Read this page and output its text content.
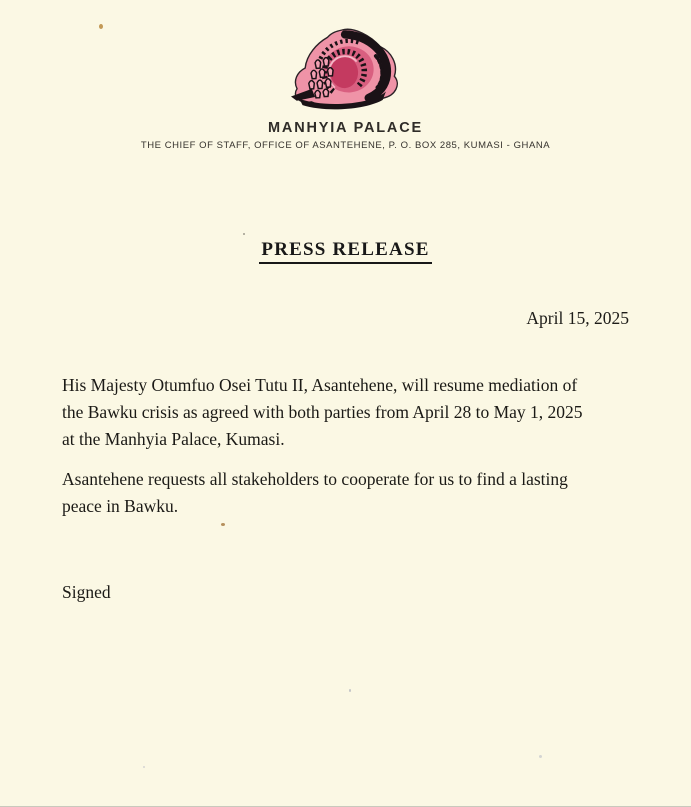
MANHYIA PALACE
THE CHIEF OF STAFF, OFFICE OF ASANTEHENE, P. O. BOX 285, KUMASI - GHANA
PRESS RELEASE
April 15, 2025
His Majesty Otumfuo Osei Tutu II, Asantehene, will resume mediation of
the Bawku crisis as agreed with both parties from April 28 to May 1, 2025
at the Manhyia Palace, Kumasi.
Asantehene requests all stakeholders to cooperate for us to find a lasting
peace in Bawku.
Signed
